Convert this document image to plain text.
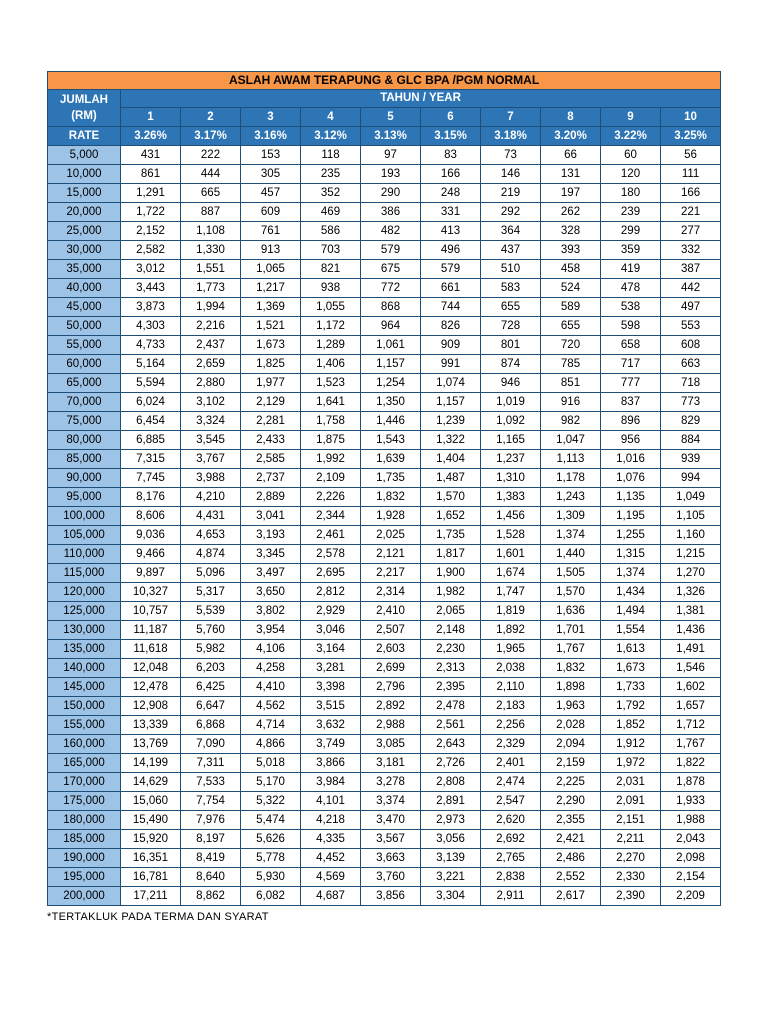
ASLAH AWAM TERAPUNG & GLC BPA /PGM NORMAL										

JUMLAH
(RM)	TAHUN / YEAR									
	1	2	3	4	5	6	7	8	9	10
RATE	3.26%	3.17%	3.16%	3.12%	3.13%	3.15%	3.18%	3.20%	3.22%	3.25%
5,000	431	222	153	118	97	83	73	66	60	56
10,000	861	444	305	235	193	166	146	131	120	111
15,000	1,291	665	457	352	290	248	219	197	180	166
20,000	1,722	887	609	469	386	331	292	262	239	221
25,000	2,152	1,108	761	586	482	413	364	328	299	277
30,000	2,582	1,330	913	703	579	496	437	393	359	332
35,000	3,012	1,551	1,065	821	675	579	510	458	419	387
40,000	3,443	1,773	1,217	938	772	661	583	524	478	442
45,000	3,873	1,994	1,369	1,055	868	744	655	589	538	497
50,000	4,303	2,216	1,521	1,172	964	826	728	655	598	553
55,000	4,733	2,437	1,673	1,289	1,061	909	801	720	658	608
60,000	5,164	2,659	1,825	1,406	1,157	991	874	785	717	663
65,000	5,594	2,880	1,977	1,523	1,254	1,074	946	851	777	718
70,000	6,024	3,102	2,129	1,641	1,350	1,157	1,019	916	837	773
75,000	6,454	3,324	2,281	1,758	1,446	1,239	1,092	982	896	829
80,000	6,885	3,545	2,433	1,875	1,543	1,322	1,165	1,047	956	884
85,000	7,315	3,767	2,585	1,992	1,639	1,404	1,237	1,113	1,016	939
90,000	7,745	3,988	2,737	2,109	1,735	1,487	1,310	1,178	1,076	994
95,000	8,176	4,210	2,889	2,226	1,832	1,570	1,383	1,243	1,135	1,049
100,000	8,606	4,431	3,041	2,344	1,928	1,652	1,456	1,309	1,195	1,105
105,000	9,036	4,653	3,193	2,461	2,025	1,735	1,528	1,374	1,255	1,160
110,000	9,466	4,874	3,345	2,578	2,121	1,817	1,601	1,440	1,315	1,215
115,000	9,897	5,096	3,497	2,695	2,217	1,900	1,674	1,505	1,374	1,270
120,000	10,327	5,317	3,650	2,812	2,314	1,982	1,747	1,570	1,434	1,326
125,000	10,757	5,539	3,802	2,929	2,410	2,065	1,819	1,636	1,494	1,381
130,000	11,187	5,760	3,954	3,046	2,507	2,148	1,892	1,701	1,554	1,436
135,000	11,618	5,982	4,106	3,164	2,603	2,230	1,965	1,767	1,613	1,491
140,000	12,048	6,203	4,258	3,281	2,699	2,313	2,038	1,832	1,673	1,546
145,000	12,478	6,425	4,410	3,398	2,796	2,395	2,110	1,898	1,733	1,602
150,000	12,908	6,647	4,562	3,515	2,892	2,478	2,183	1,963	1,792	1,657
155,000	13,339	6,868	4,714	3,632	2,988	2,561	2,256	2,028	1,852	1,712
160,000	13,769	7,090	4,866	3,749	3,085	2,643	2,329	2,094	1,912	1,767
165,000	14,199	7,311	5,018	3,866	3,181	2,726	2,401	2,159	1,972	1,822
170,000	14,629	7,533	5,170	3,984	3,278	2,808	2,474	2,225	2,031	1,878
175,000	15,060	7,754	5,322	4,101	3,374	2,891	2,547	2,290	2,091	1,933
180,000	15,490	7,976	5,474	4,218	3,470	2,973	2,620	2,355	2,151	1,988
185,000	15,920	8,197	5,626	4,335	3,567	3,056	2,692	2,421	2,211	2,043
190,000	16,351	8,419	5,778	4,452	3,663	3,139	2,765	2,486	2,270	2,098
195,000	16,781	8,640	5,930	4,569	3,760	3,221	2,838	2,552	2,330	2,154
200,000	17,211	8,862	6,082	4,687	3,856	3,304	2,911	2,617	2,390	2,209
*TERTAKLUK PADA TERMA DAN SYARAT
